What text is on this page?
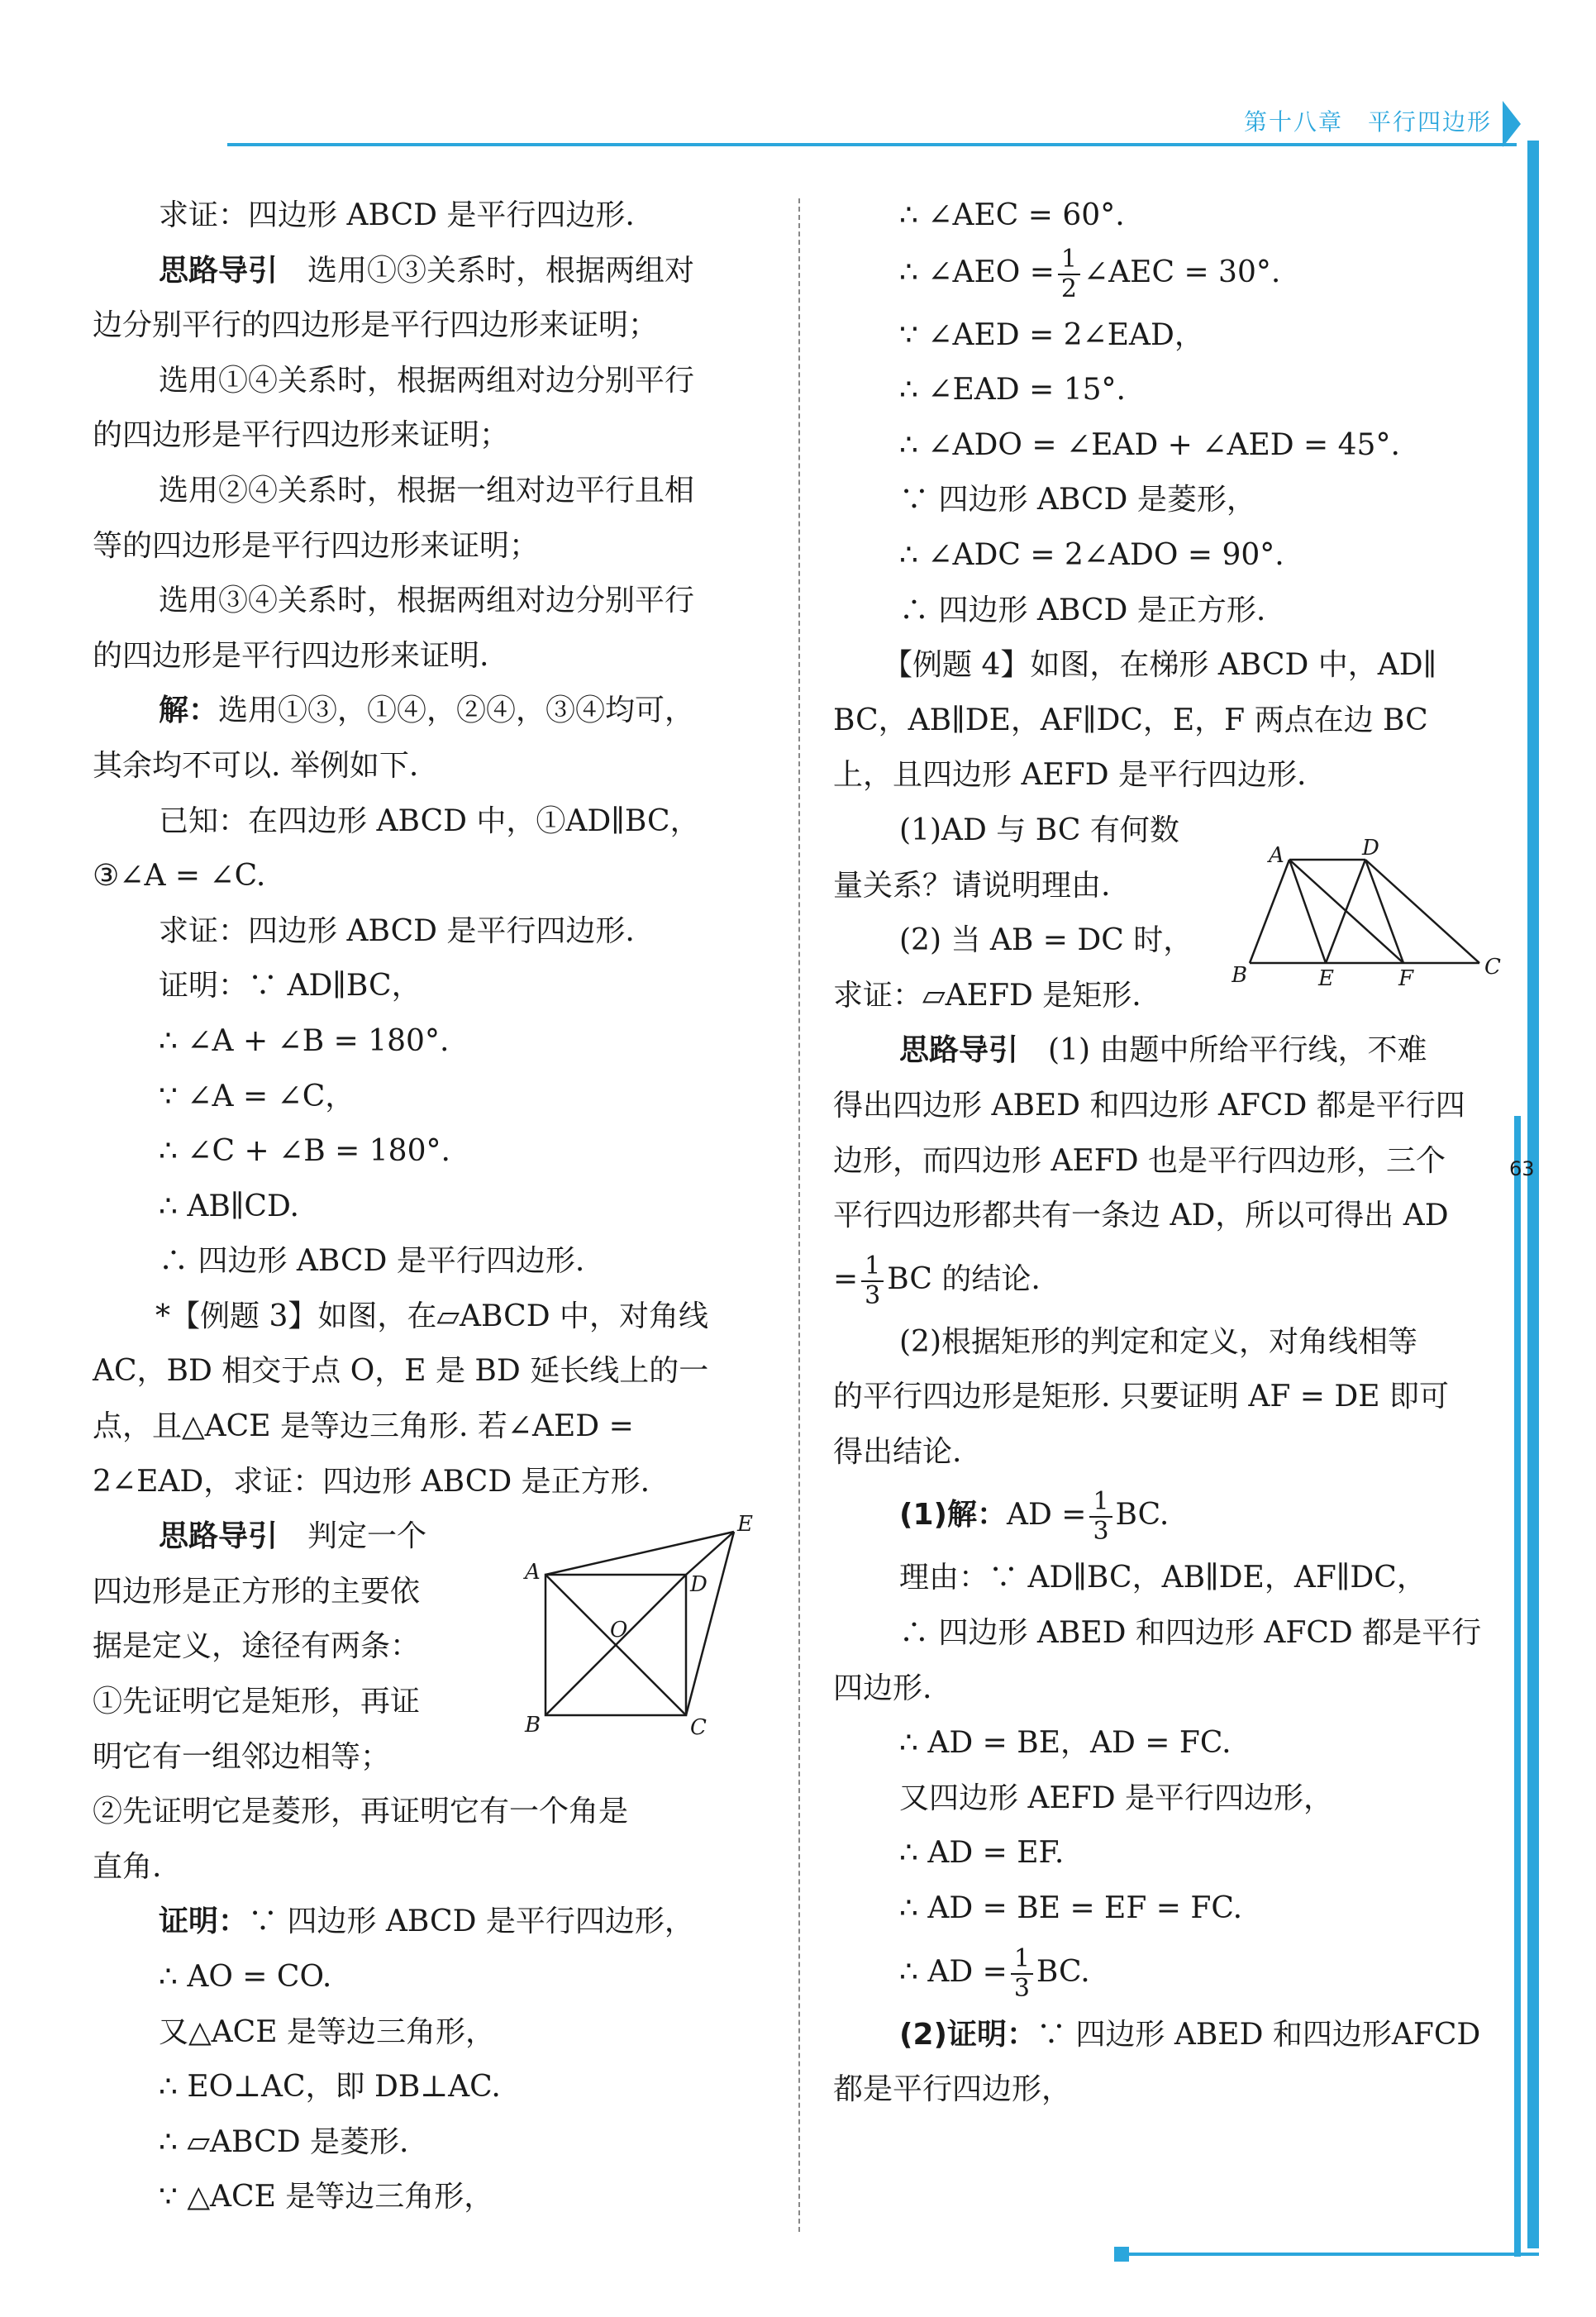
第十八章　平行四边形
63
求证：四边形 ABCD 是平行四边形.
思路导引　选用①③关系时，根据两组对
边分别平行的四边形是平行四边形来证明；
选用①④关系时，根据两组对边分别平行
的四边形是平行四边形来证明；
选用②④关系时，根据一组对边平行且相
等的四边形是平行四边形来证明；
选用③④关系时，根据两组对边分别平行
的四边形是平行四边形来证明.
解：选用①③，①④，②④，③④均可，
其余均不可以. 举例如下.
已知：在四边形 ABCD 中，①AD∥BC，
③∠A = ∠C.
求证：四边形 ABCD 是平行四边形.
证明：∵ AD∥BC，
∴ ∠A + ∠B = 180°.
∵ ∠A = ∠C，
∴ ∠C + ∠B = 180°.
∴ AB∥CD.
∴ 四边形 ABCD 是平行四边形.
*【例题 3】如图，在▱ABCD 中，对角线
AC，BD 相交于点 O，E 是 BD 延长线上的一
点，且△ACE 是等边三角形. 若∠AED =
2∠EAD，求证：四边形 ABCD 是正方形.
思路导引　判定一个
四边形是正方形的主要依
据是定义，途径有两条：
①先证明它是矩形，再证
明它有一组邻边相等；
②先证明它是菱形，再证明它有一个角是
直角.
证明：∵ 四边形 ABCD 是平行四边形，
∴ AO = CO.
又△ACE 是等边三角形，
∴ EO⊥AC，即 DB⊥AC.
∴ ▱ABCD 是菱形.
∵ △ACE 是等边三角形，
A
B	C
D
E
O
∴ ∠AEC = 60°.
∴ ∠AEO = $\frac{1}{2}$ ∠AEC = 30°.
∵ ∠AED = 2∠EAD，
∴ ∠EAD = 15°.
∴ ∠ADO = ∠EAD + ∠AED = 45°.
∵ 四边形 ABCD 是菱形，
∴ ∠ADC = 2∠ADO = 90°.
∴ 四边形 ABCD 是正方形.
【例题 4】如图，在梯形 ABCD 中，AD∥
BC，AB∥DE，AF∥DC，E，F 两点在边 BC
上，且四边形 AEFD 是平行四边形.
(1)AD 与 BC 有何数
量关系？请说明理由.
(2) 当 AB = DC 时，
求证：▱AEFD 是矩形.
思路导引　(1) 由题中所给平行线，不难
得出四边形 ABED 和四边形 AFCD 都是平行四
边形，而四边形 AEFD 也是平行四边形，三个
平行四边形都共有一条边 AD，所以可得出 AD
= $\frac{1}{3}$ BC 的结论.
(2)根据矩形的判定和定义，对角线相等
的平行四边形是矩形. 只要证明 AF = DE 即可
得出结论.
(1)解：AD = $\frac{1}{3}$ BC.
理由：∵ AD∥BC，AB∥DE，AF∥DC，
∴ 四边形 ABED 和四边形 AFCD 都是平行
四边形.
∴ AD = BE，AD = FC.
又四边形 AEFD 是平行四边形，
∴ AD = EF.
∴ AD = BE = EF = FC.
∴ AD = $\frac{1}{3}$ BC.
(2)证明：∵ 四边形 ABED 和四边形AFCD
都是平行四边形，
A	D
B	E	F	C
